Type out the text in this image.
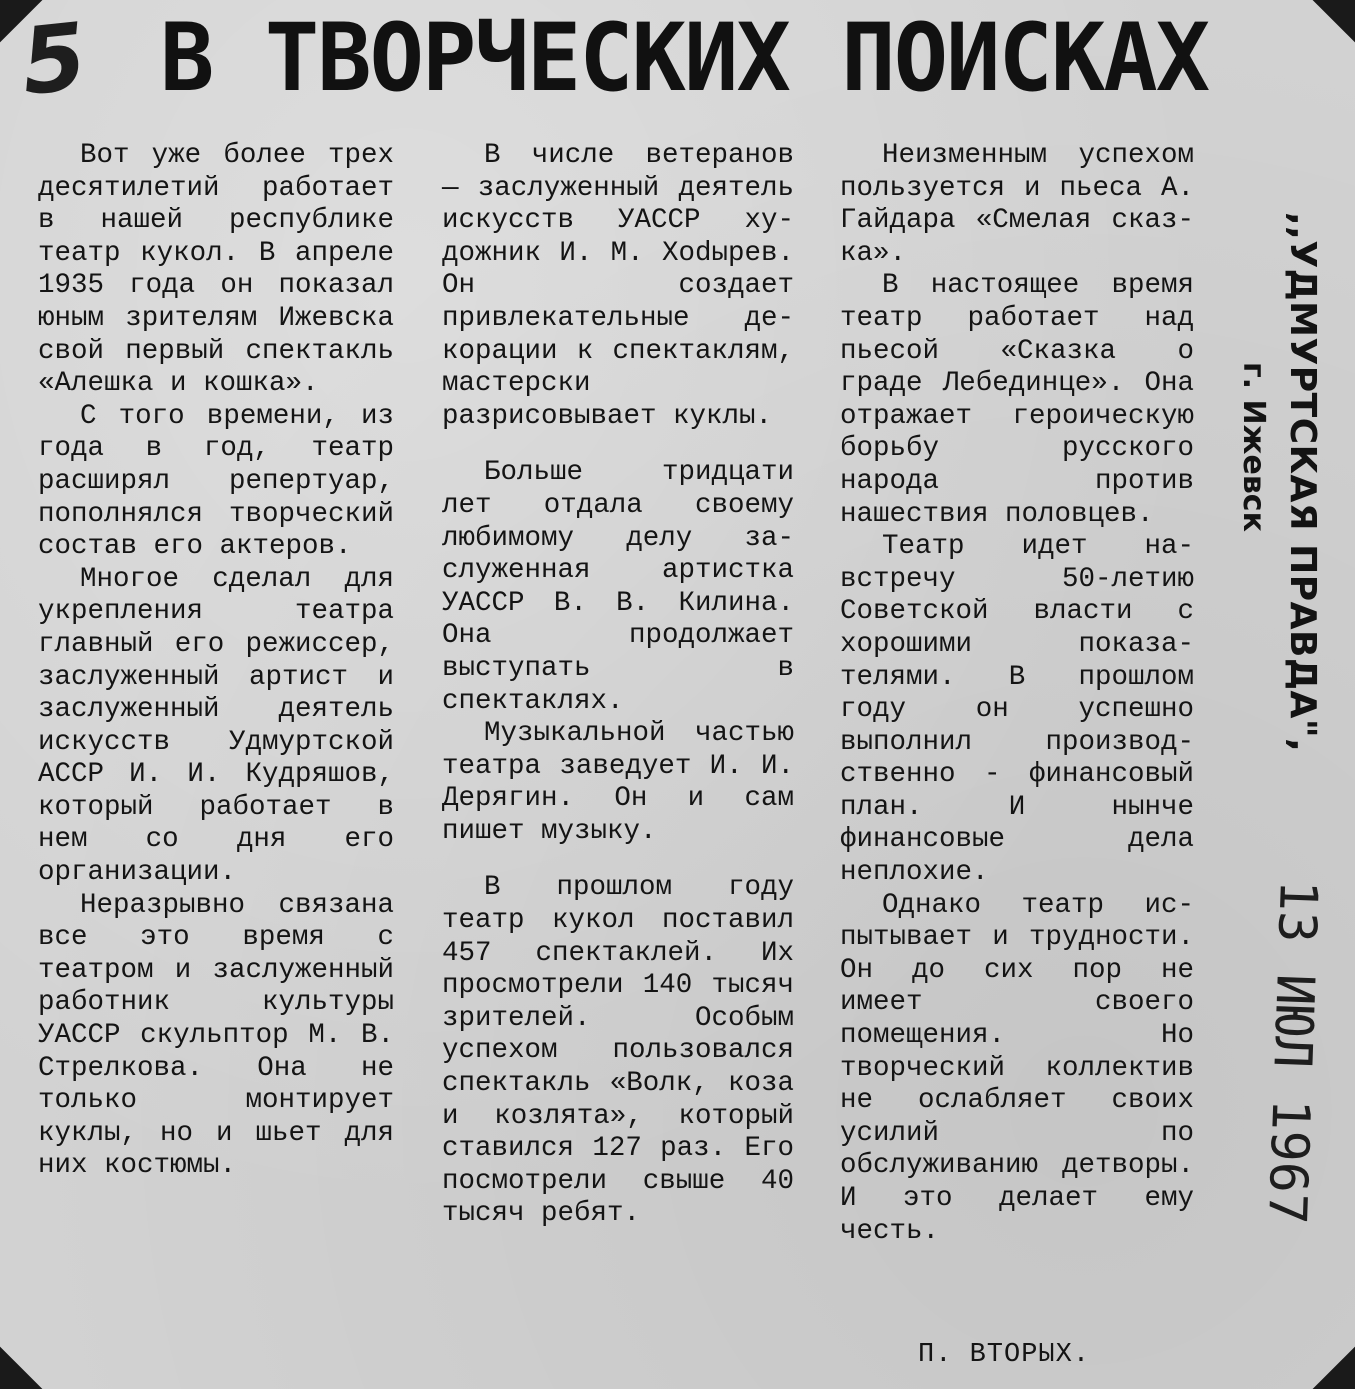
5 В ТВОРЧЕСКИХ ПОИСКАХ

Вот уже более трех десятилетий работает в нашей республике театр кукол. В апреле 1935 года он показал юным зрителям Ижевска свой первый спектакль «Алешка и кошка».

С того времени, из года в год, театр расширял репертуар, пополнялся творческий состав его актеров.

Многое сделал для укрепления театра главный его режиссер, заслуженный артист и заслуженный деятель искусств Удмуртской АССР И. И. Кудряшов, который работает в нем со дня его организации.

Неразрывно связана все это время с театром и заслуженный работник культуры УАССР скульптор М. В. Стрелкова. Она не только монтирует куклы, но и шьет для них костюмы.

В числе ветеранов — заслуженный деятель искусств УАССР художник И. М. Хоdырев. Он создает привлекательные декорации к спектаклям, мастерски разрисовывает куклы.

Больше тридцати лет отдала своему любимому делу заслуженная артистка УАССР В. В. Килина. Она продолжает выступать в спектаклях.

Музыкальной частью театра заведует И. И. Дерягин. Он и сам пишет музыку.

В прошлом году театр кукол поставил 457 спектаклей. Их просмотрели 140 тысяч зрителей. Особым успехом пользовался спектакль «Волк, коза и козлята», который ставился 127 раз. Его посмотрели свыше 40 тысяч ребят.

Неизменным успехом пользуется и пьеса А. Гайдара «Смелая сказка».

В настоящее время театр работает над пьесой «Сказка о граде Лебединце». Она отражает героическую борьбу русского народа против нашествия половцев.

Театр идет навстречу 50-летию Советской власти с хорошими показателями. В прошлом году он успешно выполнил производственно - финансовый план. И нынче финансовые дела неплохие.

Однако театр испытывает и трудности. Он до сих пор не имеет своего помещения. Но творческий коллектив не ослабляет своих усилий по обслуживанию детворы. И это делает ему честь.

П. ВТОРЫХ.
,,УДМУРТСКАЯ ПРАВДА",
г. Ижевск
13 ИЮЛ 1967
